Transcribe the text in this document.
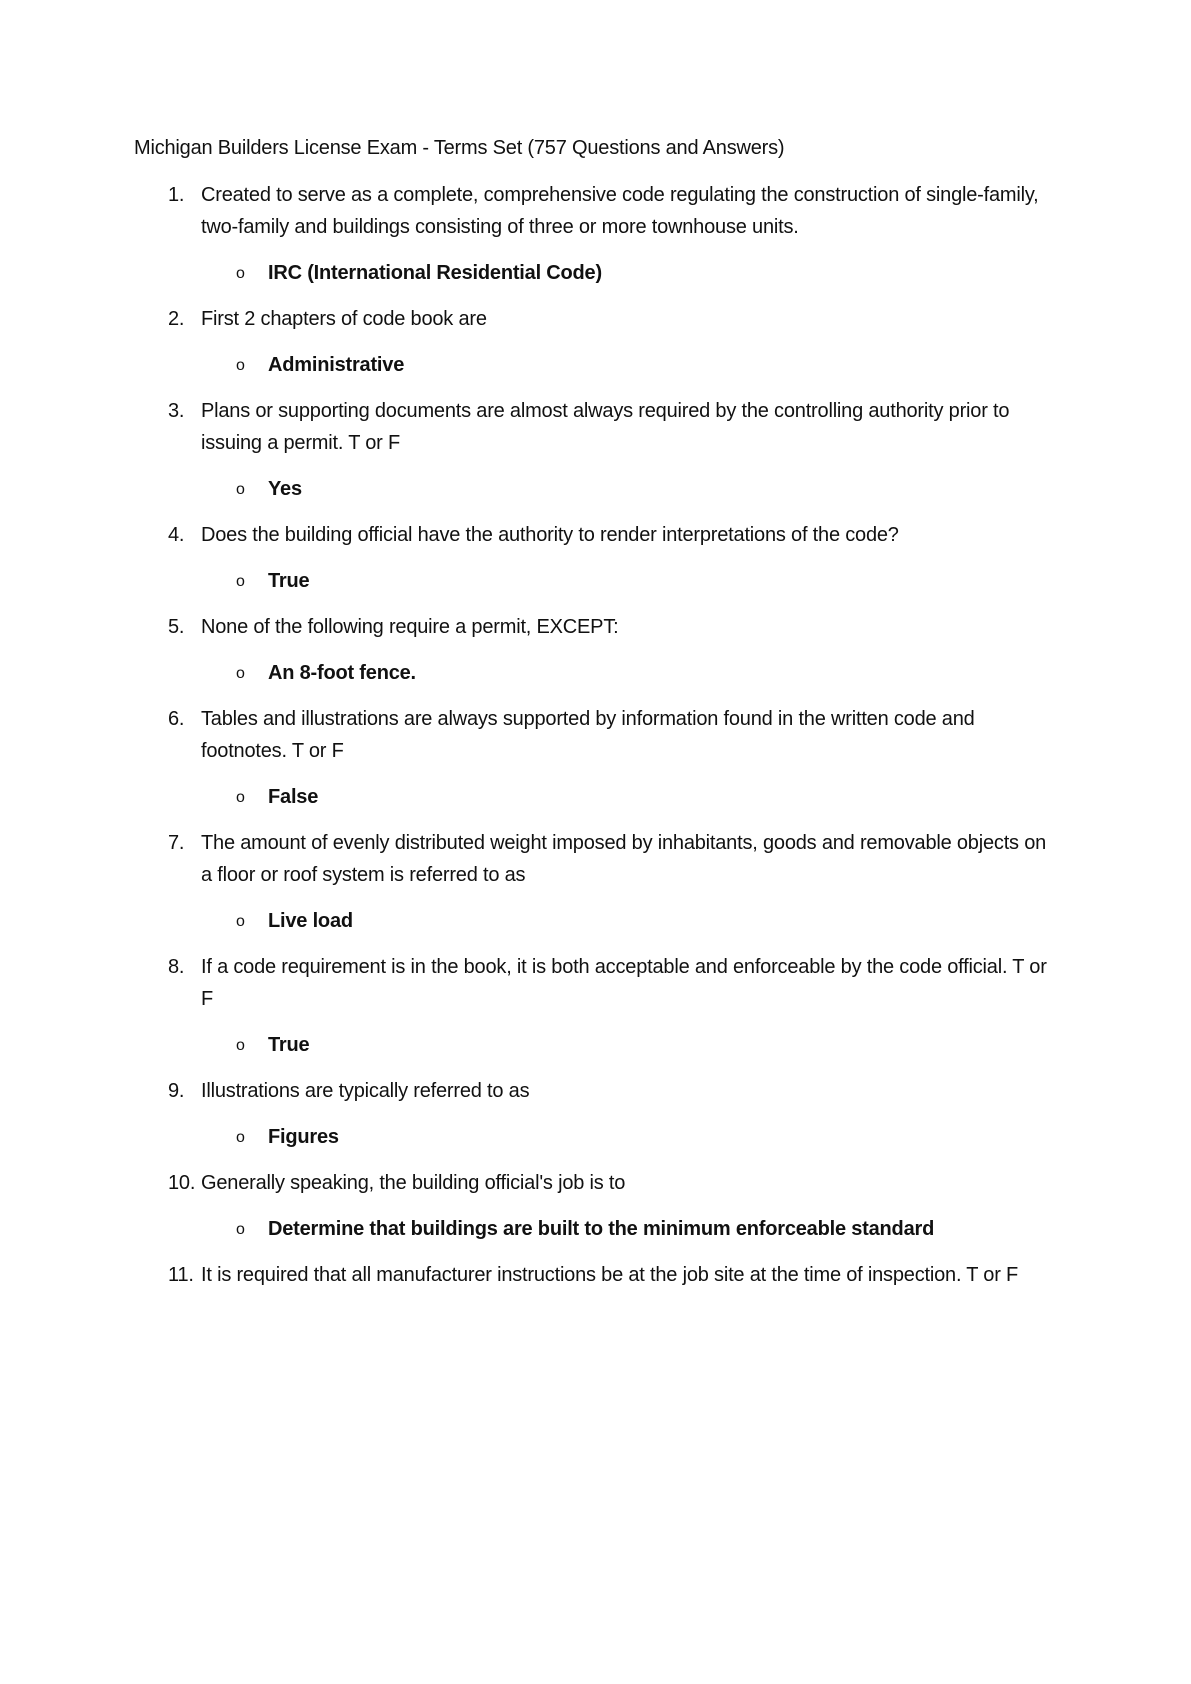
Michigan Builders License Exam - Terms Set (757 Questions and Answers)
1. Created to serve as a complete, comprehensive code regulating the construction of single-family, two-family and buildings consisting of three or more townhouse units.
o IRC (International Residential Code)
2. First 2 chapters of code book are
o Administrative
3. Plans or supporting documents are almost always required by the controlling authority prior to issuing a permit. T or F
o Yes
4. Does the building official have the authority to render interpretations of the code?
o True
5. None of the following require a permit, EXCEPT:
o An 8-foot fence.
6. Tables and illustrations are always supported by information found in the written code and footnotes. T or F
o False
7. The amount of evenly distributed weight imposed by inhabitants, goods and removable objects on a floor or roof system is referred to as
o Live load
8. If a code requirement is in the book, it is both acceptable and enforceable by the code official. T or F
o True
9. Illustrations are typically referred to as
o Figures
10. Generally speaking, the building official's job is to
o Determine that buildings are built to the minimum enforceable standard
11. It is required that all manufacturer instructions be at the job site at the time of inspection. T or F
